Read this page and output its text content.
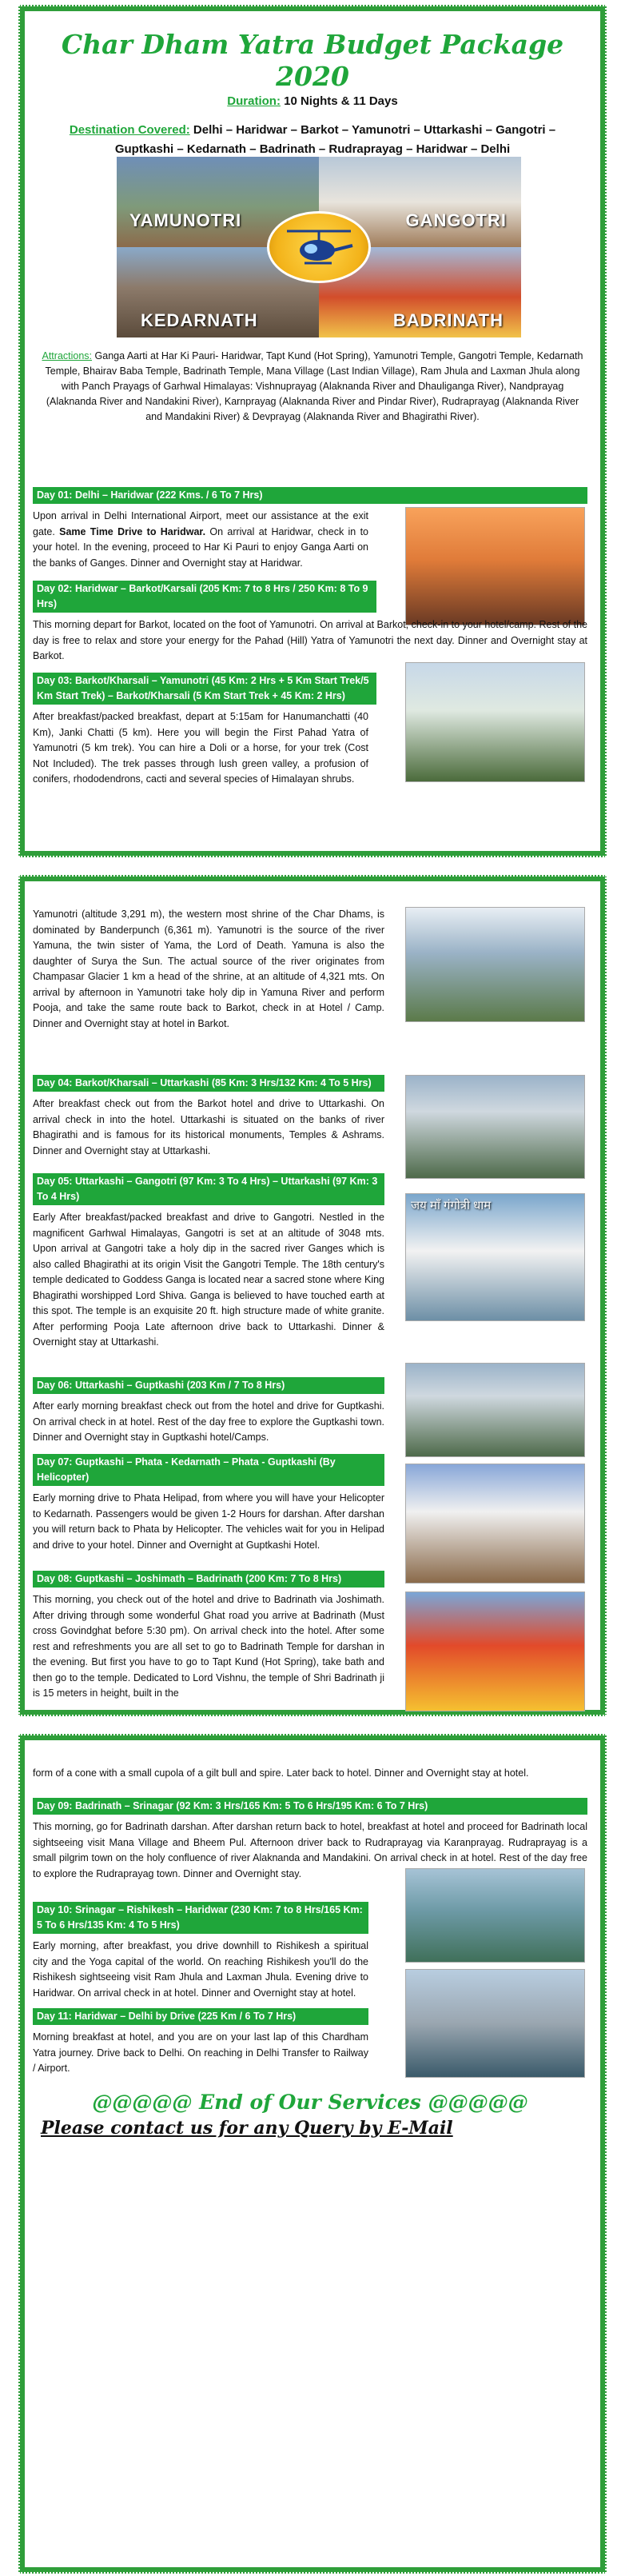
Char Dham Yatra Budget Package 2020
Duration: 10 Nights & 11 Days
Destination Covered: Delhi – Haridwar – Barkot – Yamunotri – Uttarkashi – Gangotri – Guptkashi – Kedarnath – Badrinath – Rudraprayag – Haridwar – Delhi
YAMUNOTRI	GANGOTRI
KEDARNATH	BADRINATH
Attractions: Ganga Aarti at Har Ki Pauri- Haridwar, Tapt Kund (Hot Spring), Yamunotri Temple, Gangotri Temple, Kedarnath Temple, Bhairav Baba Temple, Badrinath Temple, Mana Village (Last Indian Village), Ram Jhula and Laxman Jhula along with Panch Prayags of Garhwal Himalayas: Vishnuprayag (Alaknanda River and Dhauliganga River), Nandprayag (Alaknanda River and Nandakini River), Karnprayag (Alaknanda River and Pindar River), Rudraprayag (Alaknanda River and Mandakini River) & Devprayag (Alaknanda River and Bhagirathi River).
Day 01: Delhi – Haridwar (222 Kms. / 6 To 7 Hrs)
Upon arrival in Delhi International Airport, meet our assistance at the exit gate. Same Time Drive to Haridwar. On arrival at Haridwar, check in to your hotel. In the evening, proceed to Har Ki Pauri to enjoy Ganga Aarti on the banks of Ganges. Dinner and Overnight stay at Haridwar.
Day 02: Haridwar – Barkot/Karsali (205 Km: 7 to 8 Hrs / 250 Km: 8 To 9 Hrs)
This morning depart for Barkot, located on the foot of Yamunotri. On arrival at Barkot, check-in to your hotel/camp. Rest of the day is free to relax and store your energy for the Pahad (Hill) Yatra of Yamunotri the next day. Dinner and Overnight stay at Barkot.
Day 03: Barkot/Kharsali – Yamunotri (45 Km: 2 Hrs + 5 Km Start Trek/5 Km Start Trek) – Barkot/Kharsali (5 Km Start Trek + 45 Km: 2 Hrs)
After breakfast/packed breakfast, depart at 5:15am for Hanumanchatti (40 Km), Janki Chatti (5 km). Here you will begin the First Pahad Yatra of Yamunotri (5 km trek). You can hire a Doli or a horse, for your trek (Cost Not Included). The trek passes through lush green valley, a profusion of conifers, rhododendrons, cacti and several species of Himalayan shrubs.
Yamunotri (altitude 3,291 m), the western most shrine of the Char Dhams, is dominated by Banderpunch (6,361 m). Yamunotri is the source of the river Yamuna, the twin sister of Yama, the Lord of Death. Yamuna is also the daughter of Surya the Sun. The actual source of the river originates from Champasar Glacier 1 km a head of the shrine, at an altitude of 4,321 mts. On arrival by afternoon in Yamunotri take holy dip in Yamuna River and perform Pooja, and take the same route back to Barkot, check in at Hotel / Camp. Dinner and Overnight stay at hotel in Barkot.
Day 04: Barkot/Kharsali – Uttarkashi (85 Km: 3 Hrs/132 Km: 4 To 5 Hrs)
After breakfast check out from the Barkot hotel and drive to Uttarkashi. On arrival check in into the hotel. Uttarkashi is situated on the banks of river Bhagirathi and is famous for its historical monuments, Temples & Ashrams. Dinner and Overnight stay at Uttarkashi.
Day 05: Uttarkashi – Gangotri (97 Km: 3 To 4 Hrs) – Uttarkashi (97 Km: 3 To 4 Hrs)
Early After breakfast/packed breakfast and drive to Gangotri. Nestled in the magnificent Garhwal Himalayas, Gangotri is set at an altitude of 3048 mts. Upon arrival at Gangotri take a holy dip in the sacred river Ganges which is also called Bhagirathi at its origin Visit the Gangotri Temple. The 18th century's temple dedicated to Goddess Ganga is located near a sacred stone where King Bhagirathi worshipped Lord Shiva. Ganga is believed to have touched earth at this spot. The temple is an exquisite 20 ft. high structure made of white granite. After performing Pooja Late afternoon drive back to Uttarkashi. Dinner & Overnight stay at Uttarkashi.
जय माँ गंगोत्री धाम
Day 06: Uttarkashi – Guptkashi (203 Km / 7 To 8 Hrs)
After early morning breakfast check out from the hotel and drive for Guptkashi. On arrival check in at hotel. Rest of the day free to explore the Guptkashi town. Dinner and Overnight stay in Guptkashi hotel/Camps.
Day 07: Guptkashi – Phata - Kedarnath – Phata - Guptkashi (By Helicopter)
Early morning drive to Phata Helipad, from where you will have your Helicopter to Kedarnath. Passengers would be given 1-2 Hours for darshan. After darshan you will return back to Phata by Helicopter. The vehicles wait for you in Helipad and drive to your hotel. Dinner and Overnight at Guptkashi Hotel.
Day 08: Guptkashi – Joshimath – Badrinath (200 Km: 7 To 8 Hrs)
This morning, you check out of the hotel and drive to Badrinath via Joshimath. After driving through some wonderful Ghat road you arrive at Badrinath (Must cross Govindghat before 5:30 pm). On arrival check into the hotel. After some rest and refreshments you are all set to go to Badrinath Temple for darshan in the evening. But first you have to go to Tapt Kund (Hot Spring), take bath and then go to the temple. Dedicated to Lord Vishnu, the temple of Shri Badrinath ji is 15 meters in height, built in the
form of a cone with a small cupola of a gilt bull and spire. Later back to hotel. Dinner and Overnight stay at hotel.
Day 09: Badrinath – Srinagar (92 Km: 3 Hrs/165 Km: 5 To 6 Hrs/195 Km: 6 To 7 Hrs)
This morning, go for Badrinath darshan. After darshan return back to hotel, breakfast at hotel and proceed for Badrinath local sightseeing visit Mana Village and Bheem Pul. Afternoon driver back to Rudraprayag via Karanprayag. Rudraprayag is a small pilgrim town on the holy confluence of river Alaknanda and Mandakini. On arrival check in at hotel. Rest of the day free to explore the Rudraprayag town. Dinner and Overnight stay.
Day 10: Srinagar – Rishikesh – Haridwar (230 Km: 7 to 8 Hrs/165 Km: 5 To 6 Hrs/135 Km: 4 To 5 Hrs)
Early morning, after breakfast, you drive downhill to Rishikesh a spiritual city and the Yoga capital of the world. On reaching Rishikesh you'll do the Rishikesh sightseeing visit Ram Jhula and Laxman Jhula. Evening drive to Haridwar. On arrival check in at hotel. Dinner and Overnight stay at hotel.
Day 11: Haridwar – Delhi by Drive (225 Km / 6 To 7 Hrs)
Morning breakfast at hotel, and you are on your last lap of this Chardham Yatra journey. Drive back to Delhi. On reaching in Delhi Transfer to Railway / Airport.
@@@@@ End of Our Services @@@@@
Please contact us for any Query by E-Mail
